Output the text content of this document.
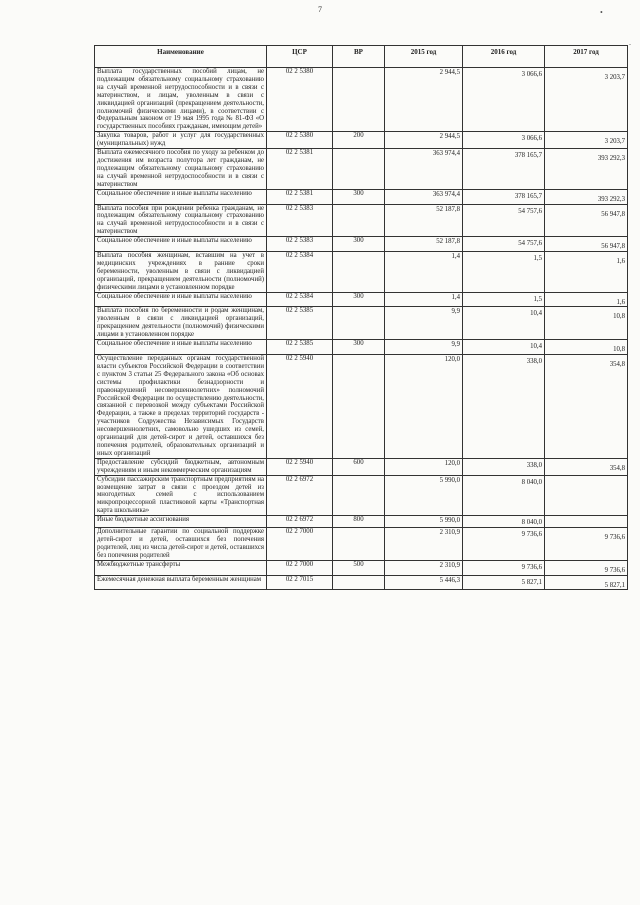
7	•
.
Наименование	ЦСР	ВР	2015 год	2016 год	2017 год
Выплата государственных пособий лицам, не подлежащим обязательному социальному страхованию на случай временной нетрудоспособности и в связи с материнством, и лицам, уволенным в связи с ликвидацией организаций (прекращением деятельности, полномочий физическими лицами), в соответствии с Федеральным законом от 19 мая 1995 года № 81-ФЗ «О государственных пособиях гражданам, имеющим детей»	02 2 5380		2 944,5	3 066,6	3 203,7
Закупка товаров, работ и услуг для государственных (муниципальных) нужд	02 2 5380	200	2 944,5	3 066,6	3 203,7
Выплата ежемесячного пособия по уходу за ребенком до достижения им возраста полутора лет гражданам, не подлежащим обязательному социальному страхованию на случай временной нетрудоспособности и в связи с материнством	02 2 5381		363 974,4	378 165,7	393 292,3
Социальное обеспечение и иные выплаты населению	02 2 5381	300	363 974,4	378 165,7	393 292,3
Выплата пособия при рождении ребенка гражданам, не подлежащим обязательному социальному страхованию на случай временной нетрудоспособности и в связи с материнством	02 2 5383		52 187,8	54 757,6	56 947,8
Социальное обеспечение и иные выплаты населению	02 2 5383	300	52 187,8	54 757,6	56 947,8
Выплата пособия женщинам, вставшим на учет в медицинских учреждениях в ранние сроки беременности, уволенным в связи с ликвидацией организаций, прекращением деятельности (полномочий) физическими лицами в установленном порядке	02 2 5384		1,4	1,5	1,6
Социальное обеспечение и иные выплаты населению	02 2 5384	300	1,4	1,5	1,6
Выплата пособия по беременности и родам женщинам, уволенным в связи с ликвидацией организаций, прекращением деятельности (полномочий) физическими лицами в установленном порядке	02 2 5385		9,9	10,4	10,8
Социальное обеспечение и иные выплаты населению	02 2 5385	300	9,9	10,4	10,8
Осуществление переданных органам государственной власти субъектов Российской Федерации в соответствии с пунктом 3 статьи 25 Федерального закона «Об основах системы профилактики безнадзорности и правонарушений несовершеннолетних» полномочий Российской Федерации по осуществлению деятельности, связанной с перевозкой между субъектами Российской Федерации, а также в пределах территорий государств - участников Содружества Независимых Государств несовершеннолетних, самовольно ушедших из семей, организаций для детей-сирот и детей, оставшихся без попечения родителей, образовательных организаций и иных организаций	02 2 5940		120,0	338,0	354,8
Предоставление субсидий бюджетным, автономным учреждениям и иным некоммерческим организациям	02 2 5940	600	120,0	338,0	354,8
Субсидии пассажирским транспортным предприятиям на возмещение затрат в связи с проездом детей из многодетных семей с использованием микропроцессорной пластиковой карты «Транспортная карта школьника»	02 2 6972		5 990,0	8 040,0	
Иные бюджетные ассигнования	02 2 6972	800	5 990,0	8 040,0	
Дополнительные гарантии по социальной поддержке детей-сирот и детей, оставшихся без попечения родителей, лиц из числа детей-сирот и детей, оставшихся без попечения родителей	02 2 7000		2 310,9	9 736,6	9 736,6
Межбюджетные трансферты	02 2 7000	500	2 310,9	9 736,6	9 736,6
Ежемесячная денежная выплата беременным женщинам	02 2 7015		5 446,3	5 827,1	5 827,1
